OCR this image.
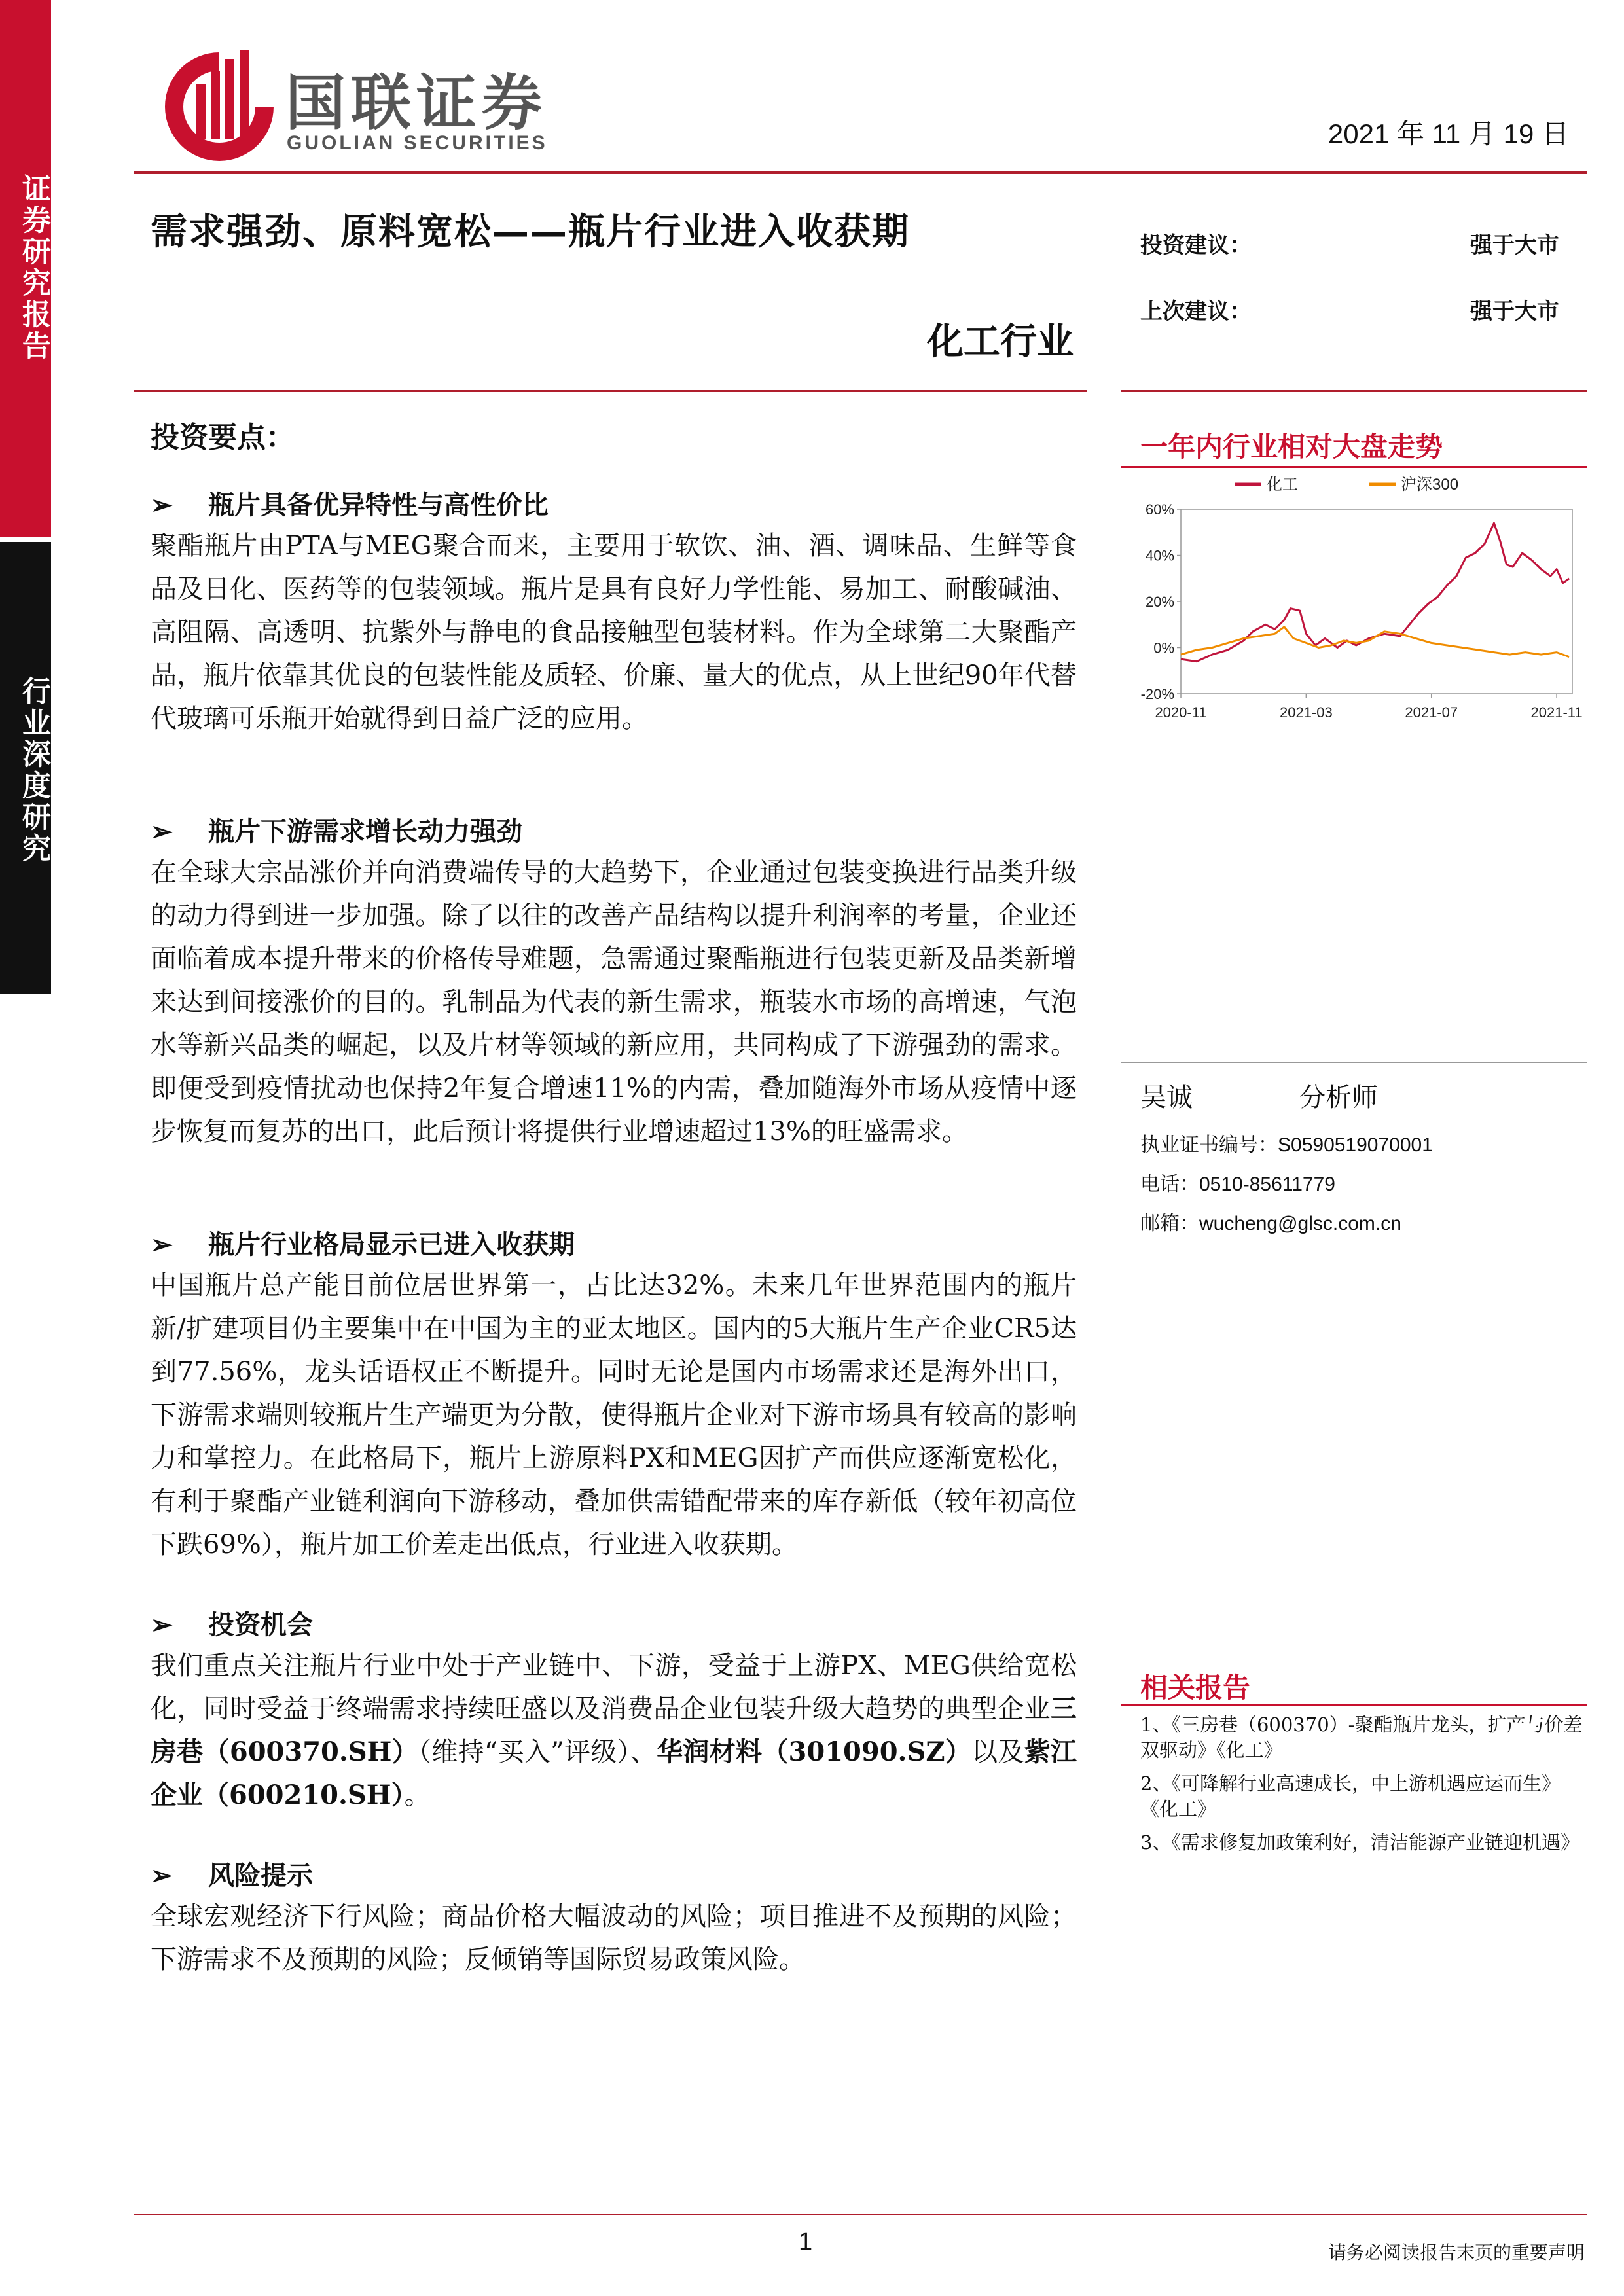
证券研究报告
行业深度研究
国联证券
GUOLIAN SECURITIES	2021 年 11 月 19 日
需求强劲、原料宽松——瓶片行业进入收获期
化工行业
投资建议：	强于大市
上次建议：	强于大市
投资要点：
➢ 瓶片具备优异特性与高性价比
聚酯瓶片由PTA与MEG聚合而来，主要用于软饮、油、酒、调味品、生鲜等食品及日化、医药等的包装领域。瓶片是具有良好力学性能、易加工、耐酸碱油、高阻隔、高透明、抗紫外与静电的食品接触型包装材料。作为全球第二大聚酯产品，瓶片依靠其优良的包装性能及质轻、价廉、量大的优点，从上世纪90年代替代玻璃可乐瓶开始就得到日益广泛的应用。
➢ 瓶片下游需求增长动力强劲
在全球大宗品涨价并向消费端传导的大趋势下，企业通过包装变换进行品类升级的动力得到进一步加强。除了以往的改善产品结构以提升利润率的考量，企业还面临着成本提升带来的价格传导难题，急需通过聚酯瓶进行包装更新及品类新增来达到间接涨价的目的。乳制品为代表的新生需求，瓶装水市场的高增速，气泡水等新兴品类的崛起，以及片材等领域的新应用，共同构成了下游强劲的需求。即便受到疫情扰动也保持2年复合增速11%的内需，叠加随海外市场从疫情中逐步恢复而复苏的出口，此后预计将提供行业增速超过13%的旺盛需求。
➢ 瓶片行业格局显示已进入收获期
中国瓶片总产能目前位居世界第一，占比达32%。未来几年世界范围内的瓶片新/扩建项目仍主要集中在中国为主的亚太地区。国内的5大瓶片生产企业CR5达到77.56%，龙头话语权正不断提升。同时无论是国内市场需求还是海外出口，下游需求端则较瓶片生产端更为分散，使得瓶片企业对下游市场具有较高的影响力和掌控力。在此格局下，瓶片上游原料PX和MEG因扩产而供应逐渐宽松化，有利于聚酯产业链利润向下游移动，叠加供需错配带来的库存新低（较年初高位下跌69%），瓶片加工价差走出低点，行业进入收获期。
➢ 投资机会
我们重点关注瓶片行业中处于产业链中、下游，受益于上游PX、MEG供给宽松化，同时受益于终端需求持续旺盛以及消费品企业包装升级大趋势的典型企业三房巷（600370.SH）（维持“买入”评级）、华润材料（301090.SZ）以及紫江企业（600210.SH）。
➢ 风险提示
全球宏观经济下行风险；商品价格大幅波动的风险；项目推进不及预期的风险；下游需求不及预期的风险；反倾销等国际贸易政策风险。
一年内行业相对大盘走势
60%
40%
20%
0%
-20%
2020-11	2021-03	2021-07	2021-11
化工	沪深300
吴诚	分析师
执业证书编号：S0590519070001
电话：0510-85611779
邮箱：wucheng@glsc.com.cn
相关报告
1、《三房巷（600370）-聚酯瓶片龙头，扩产与价差双驱动》《化工》
2、《可降解行业高速成长，中上游机遇应运而生》《化工》
3、《需求修复加政策利好，清洁能源产业链迎机遇》
1	请务必阅读报告末页的重要声明
